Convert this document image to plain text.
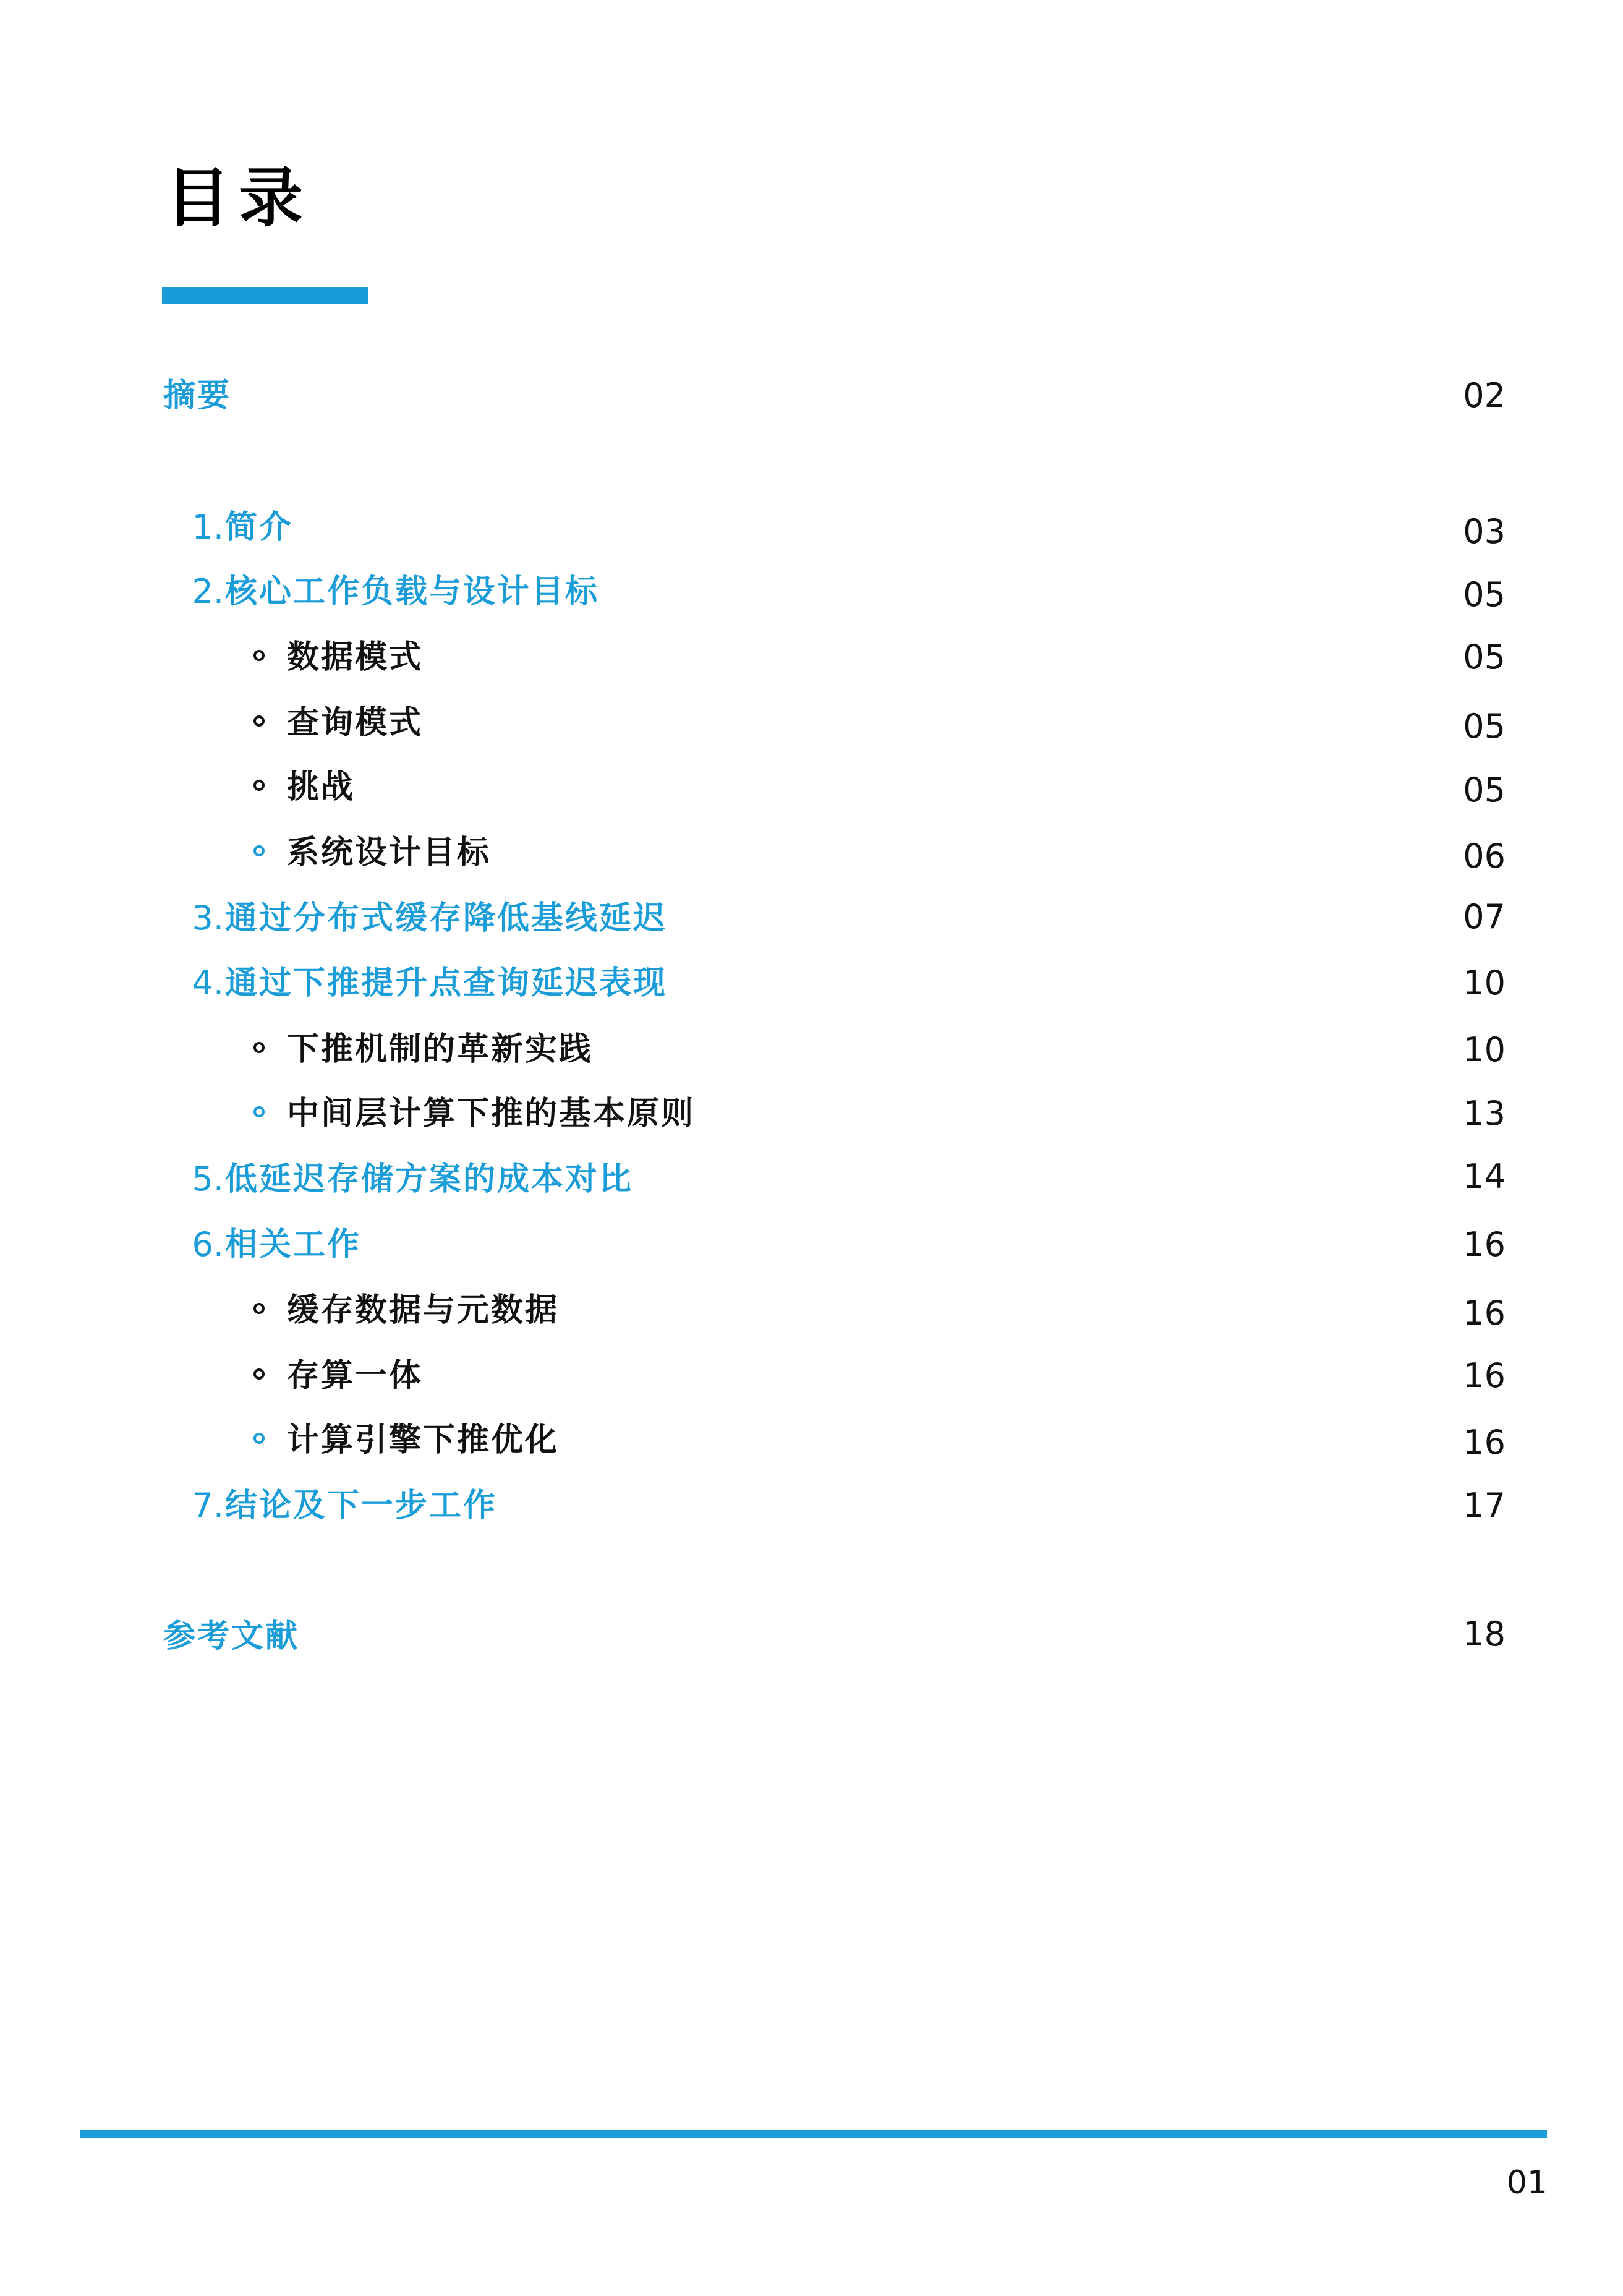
目录
摘要	02
1. 简介	03
2. 核心工作负载与设计目标	05
数据模式	05
查询模式	05
挑战	05
系统设计目标	06
3. 通过分布式缓存降低基线延迟	07
4. 通过下推提升点查询延迟表现	10
下推机制的革新实践	10
中间层计算下推的基本原则	13
5. 低延迟存储方案的成本对比	14
6. 相关工作	16
缓存数据与元数据	16
存算一体	16
计算引擎下推优化	16
7. 结论及下一步工作	17
参考文献	18
01
